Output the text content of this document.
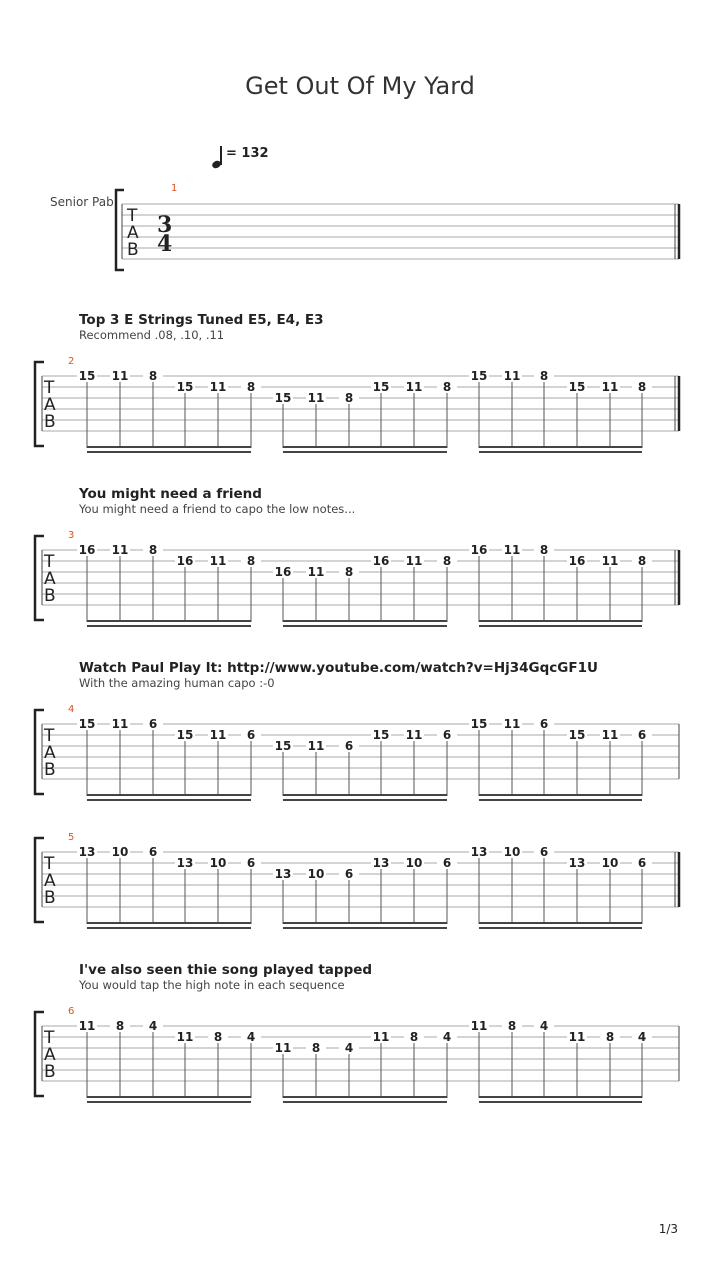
Get Out Of My Yard
= 132
Senior Pab
1
T
A
B
3
4
Top 3 E Strings Tuned E5, E4, E3
Recommend .08, .10, .11
You might need a friend
You might need a friend to capo the low notes...
Watch Paul Play It: http://www.youtube.com/watch?v=Hj34GqcGF1U
With the amazing human capo :-0
I've also seen thie song played tapped
You would tap the high note in each sequence
2
T
A
B
15 11 8
15 11 8
15 11 8
15 11 8
15 11 8
15 11 8
3
T
A
B
16 11 8
16 11 8
16 11 8
16 11 8
16 11 8
16 11 8
4
T
A
B
15 11 6
15 11 6
15 11 6
15 11 6
15 11 6
15 11 6
5
T
A
B
13 10 6
13 10 6
13 10 6
13 10 6
13 10 6
13 10 6
6
T
A
B
11 8 4
11 8 4
11 8 4
11 8 4
11 8 4
11 8 4
1/3
